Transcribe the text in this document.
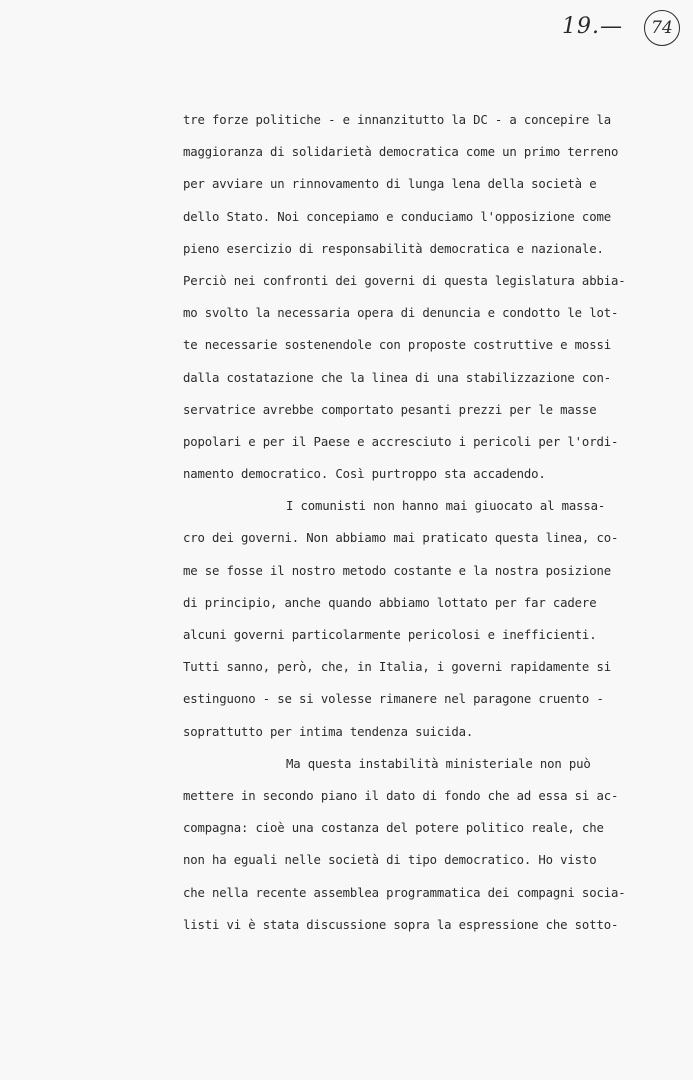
19.— 74
tre forze politiche - e innanzitutto la DC - a concepire la
maggioranza di solidarietà democratica come un primo terreno
per avviare un rinnovamento di lunga lena della società e
dello Stato. Noi concepiamo e conduciamo l'opposizione come
pieno esercizio di responsabilità democratica e nazionale.
Perciò nei confronti dei governi di questa legislatura abbia-
mo svolto la necessaria opera di denuncia e condotto le lot-
te necessarie sostenendole con proposte costruttive e mossi
dalla costatazione che la linea di una stabilizzazione con-
servatrice avrebbe comportato pesanti prezzi per le masse
popolari e per il Paese e accresciuto i pericoli per l'ordi-
namento democratico. Così purtroppo sta accadendo.
I comunisti non hanno mai giuocato al massa-
cro dei governi. Non abbiamo mai praticato questa linea, co-
me se fosse il nostro metodo costante e la nostra posizione
di principio, anche quando abbiamo lottato per far cadere
alcuni governi particolarmente pericolosi e inefficienti.
Tutti sanno, però, che, in Italia, i governi rapidamente si
estinguono - se si volesse rimanere nel paragone cruento -
soprattutto per intima tendenza suicida.
Ma questa instabilità ministeriale non può
mettere in secondo piano il dato di fondo che ad essa si ac-
compagna: cioè una costanza del potere politico reale, che
non ha eguali nelle società di tipo democratico. Ho visto
che nella recente assemblea programmatica dei compagni socia-
listi vi è stata discussione sopra la espressione che sotto-
